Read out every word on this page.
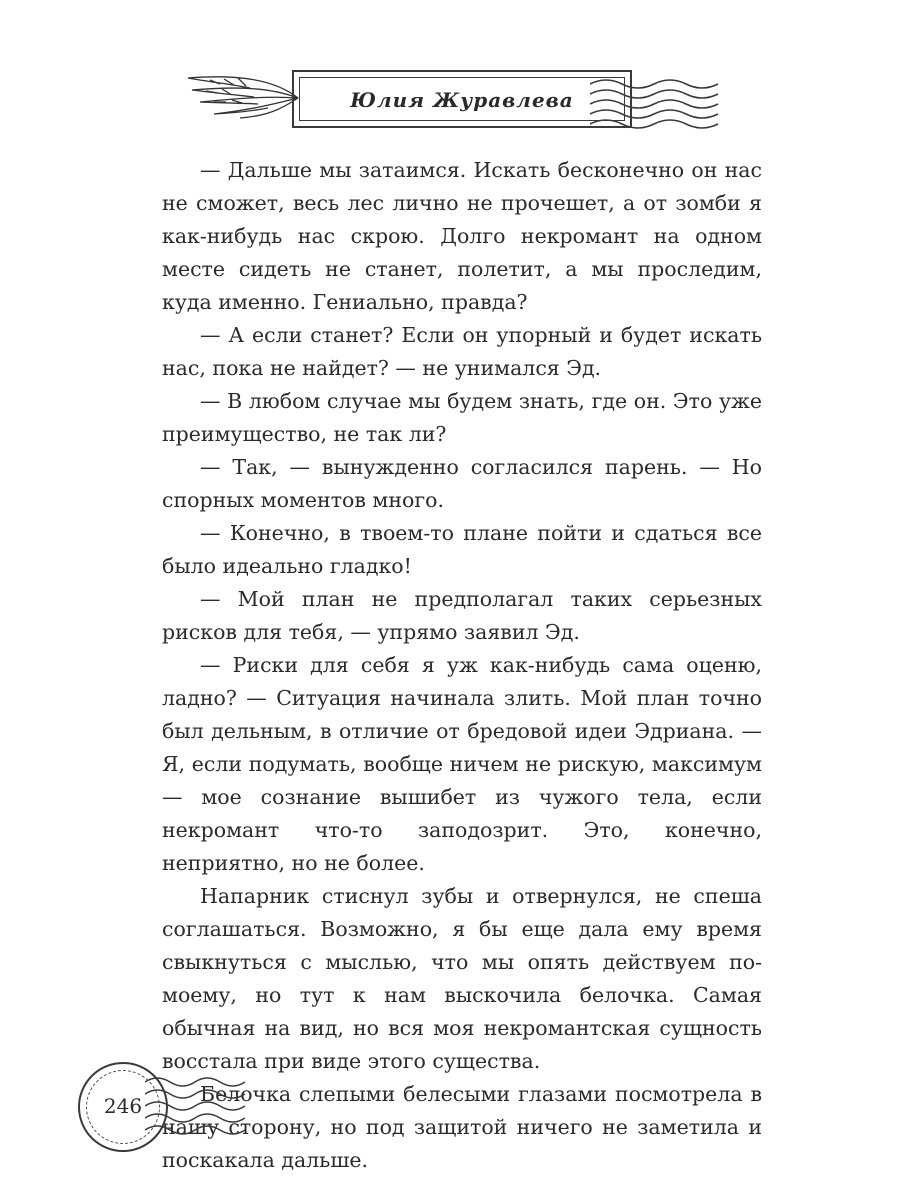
Юлия Журавлева

— Дальше мы затаимся. Искать бесконечно он нас не сможет, весь лес лично не прочешет, а от зомби я как-нибудь нас скрою. Долго некромант на одном месте сидеть не станет, полетит, а мы проследим, куда именно. Гениально, правда?

— А если станет? Если он упорный и будет искать нас, пока не найдет? — не унимался Эд.

— В любом случае мы будем знать, где он. Это уже преимущество, не так ли?

— Так, — вынужденно согласился парень. — Но спорных моментов много.

— Конечно, в твоем-то плане пойти и сдаться все было идеально гладко!

— Мой план не предполагал таких серьезных рисков для тебя, — упрямо заявил Эд.

— Риски для себя я уж как-нибудь сама оценю, ладно? — Ситуация начинала злить. Мой план точно был дельным, в отличие от бредовой идеи Эдриана. — Я, если подумать, вообще ничем не рискую, максимум — мое сознание вышибет из чужого тела, если некромант что-то заподозрит. Это, конечно, неприятно, но не более.

Напарник стиснул зубы и отвернулся, не спеша соглашаться. Возможно, я бы еще дала ему время свыкнуться с мыслью, что мы опять действуем по-моему, но тут к нам выскочила белочка. Самая обычная на вид, но вся моя некромантская сущность восстала при виде этого существа.

Белочка слепыми белесыми глазами посмотрела в нашу сторону, но под защитой ничего не заметила и поскакала дальше.

246
